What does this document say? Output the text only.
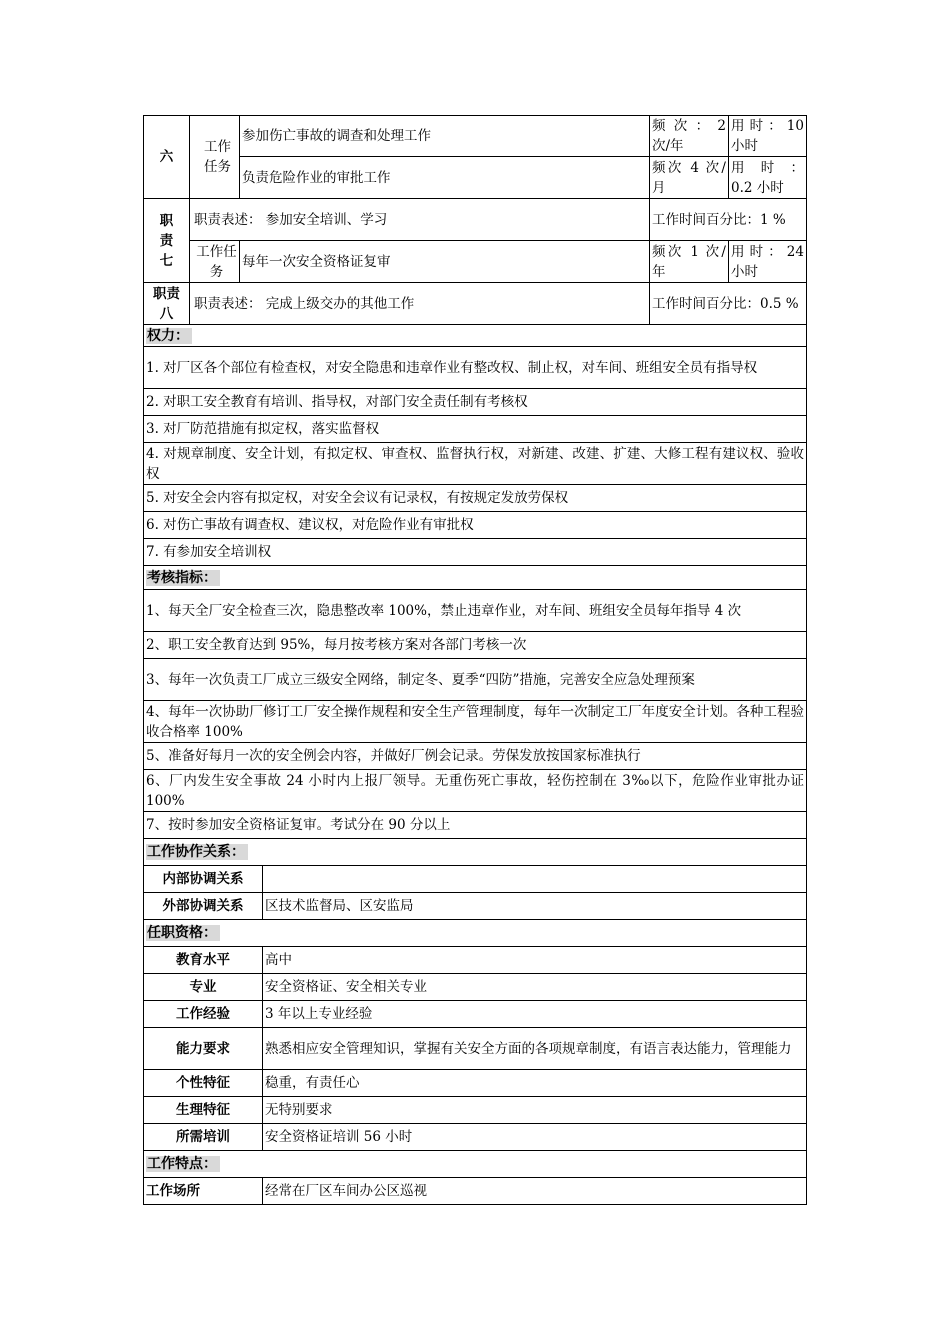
六	工作任务	参加伤亡事故的调查和处理工作		频 次 ： 2 次/年	用时：10 小时
		负责危险作业的审批工作		频次 4 次/月	用 时 ： 0.2 小时
职责七	职责表述： 参加安全培训、学习			工作时间百分比：1 %	
	工作任务	每年一次安全资格证复审		频次 1 次/年	用时：24 小时
职责八	职责表述： 完成上级交办的其他工作			工作时间百分比：0.5 %	
权力：					
1. 对厂区各个部位有检查权，对安全隐患和违章作业有整改权、制止权，对车间、班组安全员有指导权					
2. 对职工安全教育有培训、指导权，对部门安全责任制有考核权					
3. 对厂防范措施有拟定权，落实监督权					
4. 对规章制度、安全计划，有拟定权、审查权、监督执行权，对新建、改建、扩建、大修工程有建议权、验收权					
5. 对安全会内容有拟定权，对安全会议有记录权，有按规定发放劳保权					
6. 对伤亡事故有调查权、建议权，对危险作业有审批权					
7. 有参加安全培训权					
考核指标：					
1、每天全厂安全检查三次，隐患整改率 100%，禁止违章作业，对车间、班组安全员每年指导 4 次					
2、职工安全教育达到 95%，每月按考核方案对各部门考核一次					
3、每年一次负责工厂成立三级安全网络，制定冬、夏季“四防”措施，完善安全应急处理预案					
4、每年一次协助厂修订工厂安全操作规程和安全生产管理制度，每年一次制定工厂年度安全计划。各种工程验收合格率 100%					
5、准备好每月一次的安全例会内容，并做好厂例会记录。劳保发放按国家标准执行					
6、厂内发生安全事故 24 小时内上报厂领导。无重伤死亡事故，轻伤控制在 3‰以下，危险作业审批办证 100%					
7、按时参加安全资格证复审。考试分在 90 分以上					
工作协作关系：					
内部协调关系					
外部协调关系			区技术监督局、区安监局		
任职资格：					
教育水平			高中		
专业			安全资格证、安全相关专业		
工作经验			3 年以上专业经验		
能力要求			熟悉相应安全管理知识，掌握有关安全方面的各项规章制度，有语言表达能力，管理能力		
个性特征			稳重，有责任心		
生理特征			无特别要求		
所需培训			安全资格证培训 56 小时		
工作特点：					
工作场所			经常在厂区车间办公区巡视		
